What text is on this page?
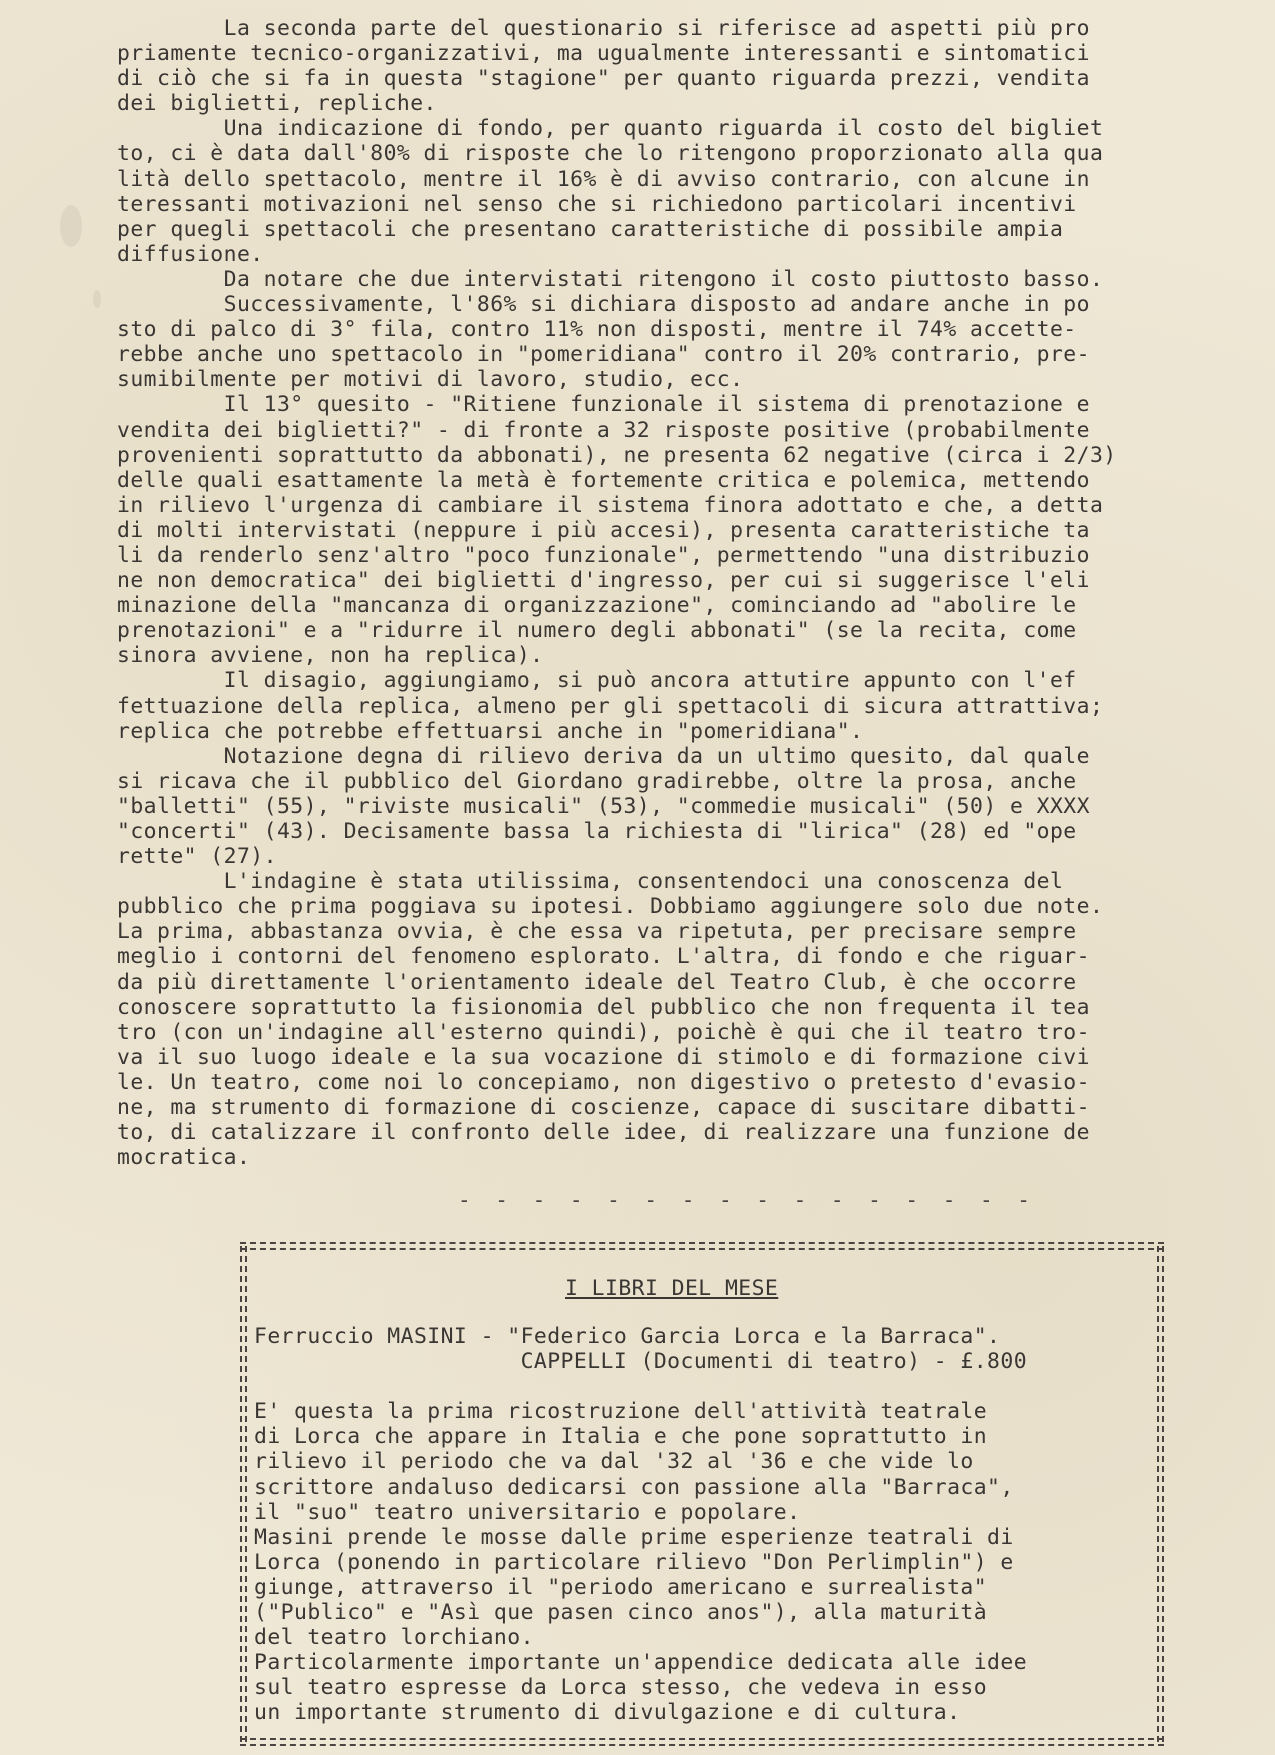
La seconda parte del questionario si riferisce ad aspetti più pro
priamente tecnico-organizzativi, ma ugualmente interessanti e sintomatici
di ciò che si fa in questa "stagione" per quanto riguarda prezzi, vendita
dei biglietti, repliche.
Una indicazione di fondo, per quanto riguarda il costo del bigliet
to, ci è data dall'80% di risposte che lo ritengono proporzionato alla qua
lità dello spettacolo, mentre il 16% è di avviso contrario, con alcune in
teressanti motivazioni nel senso che si richiedono particolari incentivi
per quegli spettacoli che presentano caratteristiche di possibile ampia
diffusione.
Da notare che due intervistati ritengono il costo piuttosto basso.
Successivamente, l'86% si dichiara disposto ad andare anche in po
sto di palco di 3° fila, contro 11% non disposti, mentre il 74% accette-
rebbe anche uno spettacolo in "pomeridiana" contro il 20% contrario, pre-
sumibilmente per motivi di lavoro, studio, ecc.
Il 13° quesito - "Ritiene funzionale il sistema di prenotazione e
vendita dei biglietti?" - di fronte a 32 risposte positive (probabilmente
provenienti soprattutto da abbonati), ne presenta 62 negative (circa i 2/3)
delle quali esattamente la metà è fortemente critica e polemica, mettendo
in rilievo l'urgenza di cambiare il sistema finora adottato e che, a detta
di molti intervistati (neppure i più accesi), presenta caratteristiche ta
li da renderlo senz'altro "poco funzionale", permettendo "una distribuzio
ne non democratica" dei biglietti d'ingresso, per cui si suggerisce l'eli
minazione della "mancanza di organizzazione", cominciando ad "abolire le
prenotazioni" e a "ridurre il numero degli abbonati" (se la recita, come
sinora avviene, non ha replica).
Il disagio, aggiungiamo, si può ancora attutire appunto con l'ef
fettuazione della replica, almeno per gli spettacoli di sicura attrattiva;
replica che potrebbe effettuarsi anche in "pomeridiana".
Notazione degna di rilievo deriva da un ultimo quesito, dal quale
si ricava che il pubblico del Giordano gradirebbe, oltre la prosa, anche
"balletti" (55), "riviste musicali" (53), "commedie musicali" (50) e XXXX
"concerti" (43). Decisamente bassa la richiesta di "lirica" (28) ed "ope
rette" (27).
L'indagine è stata utilissima, consentendoci una conoscenza del
pubblico che prima poggiava su ipotesi. Dobbiamo aggiungere solo due note.
La prima, abbastanza ovvia, è che essa va ripetuta, per precisare sempre
meglio i contorni del fenomeno esplorato. L'altra, di fondo e che riguar-
da più direttamente l'orientamento ideale del Teatro Club, è che occorre
conoscere soprattutto la fisionomia del pubblico che non frequenta il tea
tro (con un'indagine all'esterno quindi), poichè è qui che il teatro tro-
va il suo luogo ideale e la sua vocazione di stimolo e di formazione civi
le. Un teatro, come noi lo concepiamo, non digestivo o pretesto d'evasio-
ne, ma strumento di formazione di coscienze, capace di suscitare dibatti-
to, di catalizzare il confronto delle idee, di realizzare una funzione de
mocratica.
- - - - - - - - - - - - - - - -
I LIBRI DEL MESE
Ferruccio MASINI - "Federico Garcia Lorca e la Barraca".
CAPPELLI (Documenti di teatro) - £.800

E' questa la prima ricostruzione dell'attività teatrale
di Lorca che appare in Italia e che pone soprattutto in
rilievo il periodo che va dal '32 al '36 e che vide lo
scrittore andaluso dedicarsi con passione alla "Barraca",
il "suo" teatro universitario e popolare.
Masini prende le mosse dalle prime esperienze teatrali di
Lorca (ponendo in particolare rilievo "Don Perlimplin") e
giunge, attraverso il "periodo americano e surrealista"
("Publico" e "Asì que pasen cinco anos"), alla maturità
del teatro lorchiano.
Particolarmente importante un'appendice dedicata alle idee
sul teatro espresse da Lorca stesso, che vedeva in esso
un importante strumento di divulgazione e di cultura.
